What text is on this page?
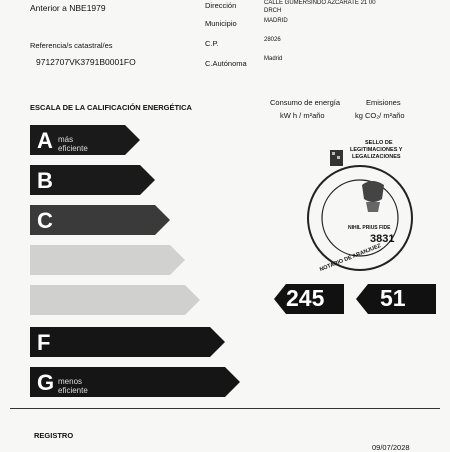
Anterior a NBE1979
Referencia/s catastral/es
9712707VK3791B0001FO
Dirección	CALLE GUMERSINDO AZCARATE 21 00
DRCH
Municipio	MADRID
C.P.	28026
C.Autónoma	Madrid
ESCALA DE LA CALIFICACIÓN ENERGÉTICA
Consumo de energía
kW h / m²año
Emisiones
kg CO₂/ m²año
A más eficiente
B
C
F
G menos eficiente
245 51
SELLO DE
LEGITIMACIONES Y
LEGALIZACIONES
NIHIL PRIUS FIDE
3831
NOTARIO DE ARANJUEZ
REGISTRO
09/07/2028
